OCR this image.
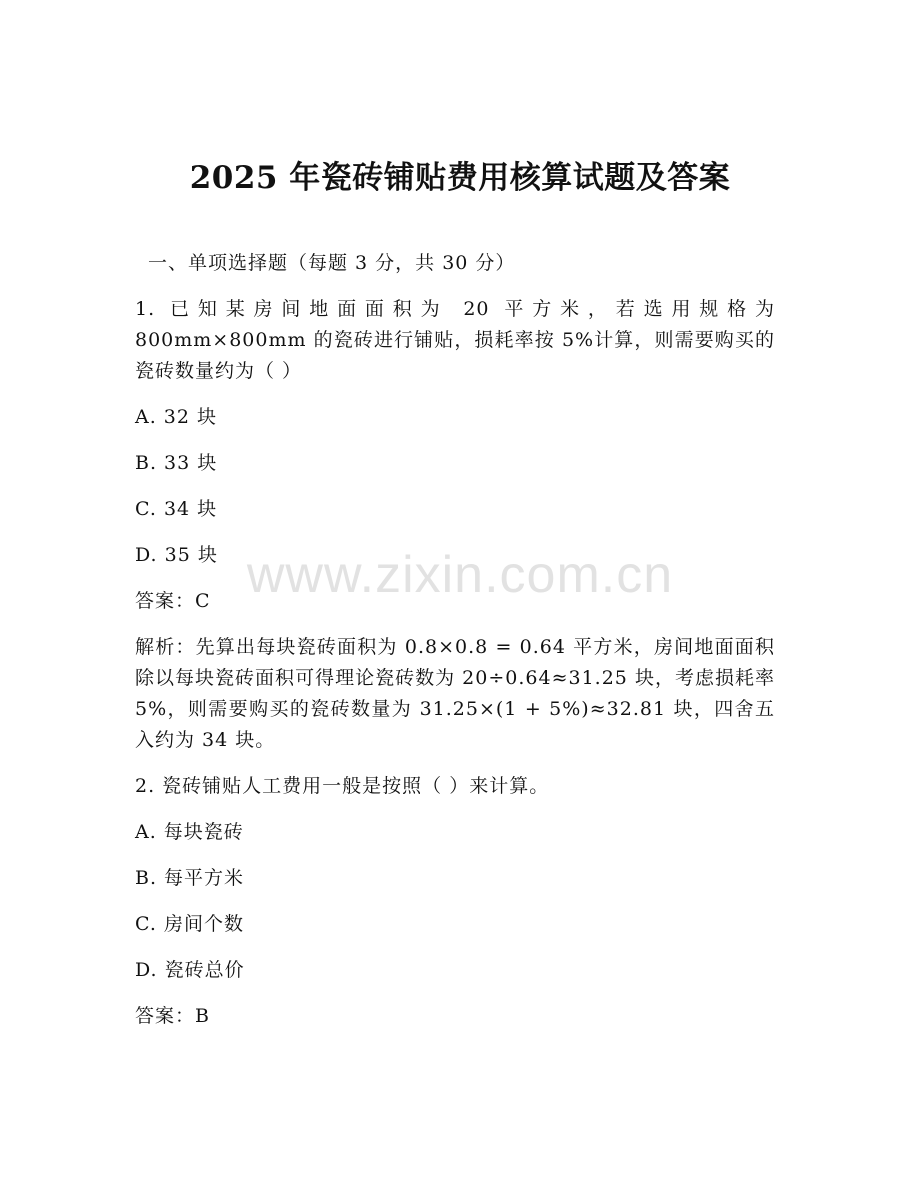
2025 年瓷砖铺贴费用核算试题及答案
一、单项选择题（每题 3 分，共 30 分）
1. 已知某房间地面面积为 20 平方米，若选用规格为 800mm×800mm 的瓷砖进行铺贴，损耗率按 5%计算，则需要购买的瓷砖数量约为（ ）
A. 32 块
B. 33 块
C. 34 块
D. 35 块
答案：C
解析：先算出每块瓷砖面积为 0.8×0.8 = 0.64 平方米，房间地面面积除以每块瓷砖面积可得理论瓷砖数为 20÷0.64≈31.25 块，考虑损耗率 5%，则需要购买的瓷砖数量为 31.25×(1 + 5%)≈32.81 块，四舍五入约为 34 块。
2. 瓷砖铺贴人工费用一般是按照（ ）来计算。
A. 每块瓷砖
B. 每平方米
C. 房间个数
D. 瓷砖总价
答案：B
www.zixin.com.cn
